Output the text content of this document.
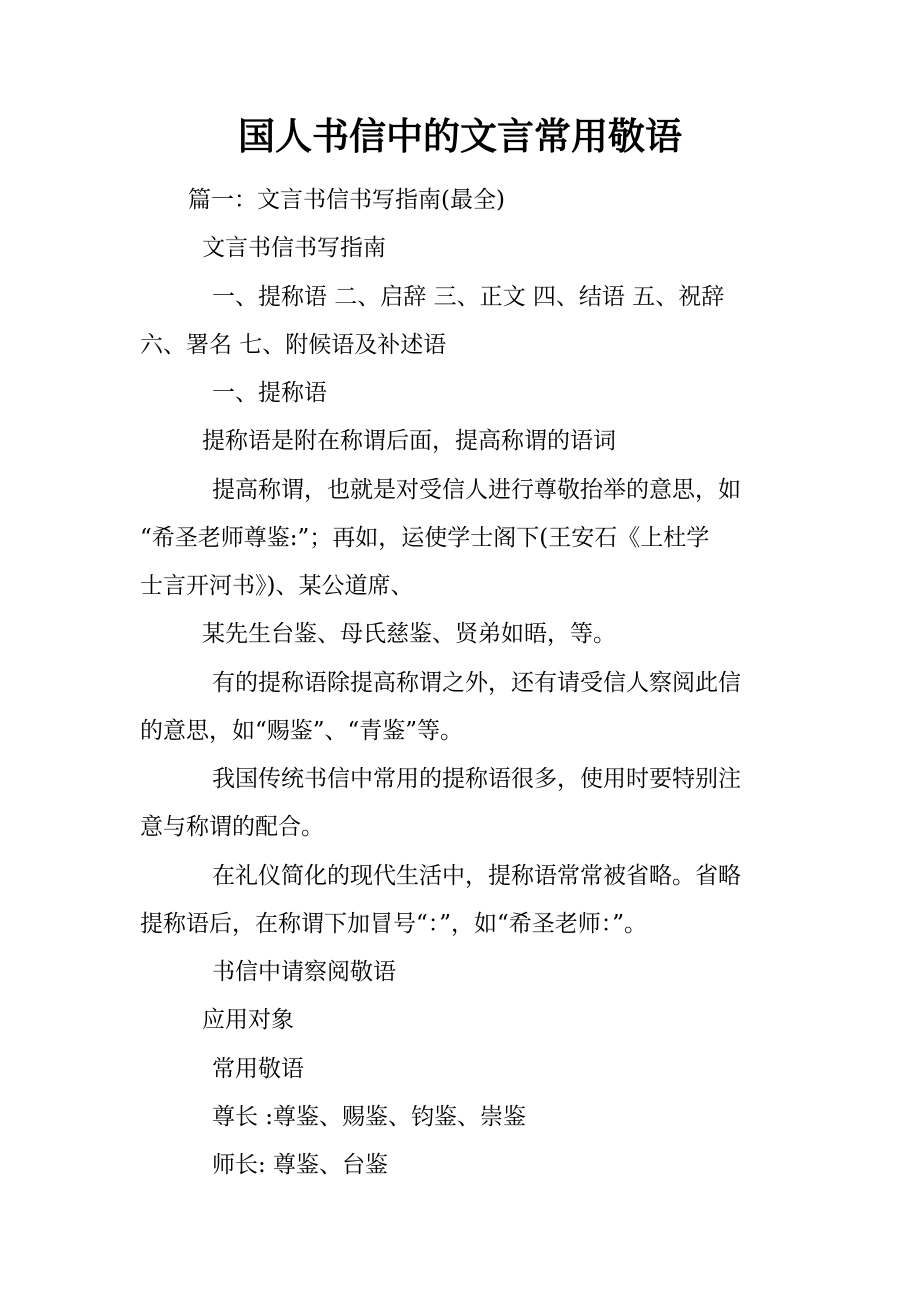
国人书信中的文言常用敬语
篇一：文言书信书写指南(最全)
文言书信书写指南
一、提称语 二、启辞 三、正文 四、结语 五、祝辞
六、署名 七、附候语及补述语
一、提称语
提称语是附在称谓后面，提高称谓的语词
提高称谓，也就是对受信人进行尊敬抬举的意思，如
“希圣老师尊鉴:”；再如，运使学士阁下(王安石《上杜学
士言开河书》)、某公道席、
某先生台鉴、母氏慈鉴、贤弟如晤，等。
有的提称语除提高称谓之外，还有请受信人察阅此信
的意思，如“赐鉴”、“青鉴”等。
我国传统书信中常用的提称语很多，使用时要特别注
意与称谓的配合。
在礼仪简化的现代生活中，提称语常常被省略。省略
提称语后，在称谓下加冒号“：”，如“希圣老师：”。
书信中请察阅敬语
应用对象
常用敬语
尊长 :尊鉴、赐鉴、钧鉴、崇鉴
师长: 尊鉴、台鉴
